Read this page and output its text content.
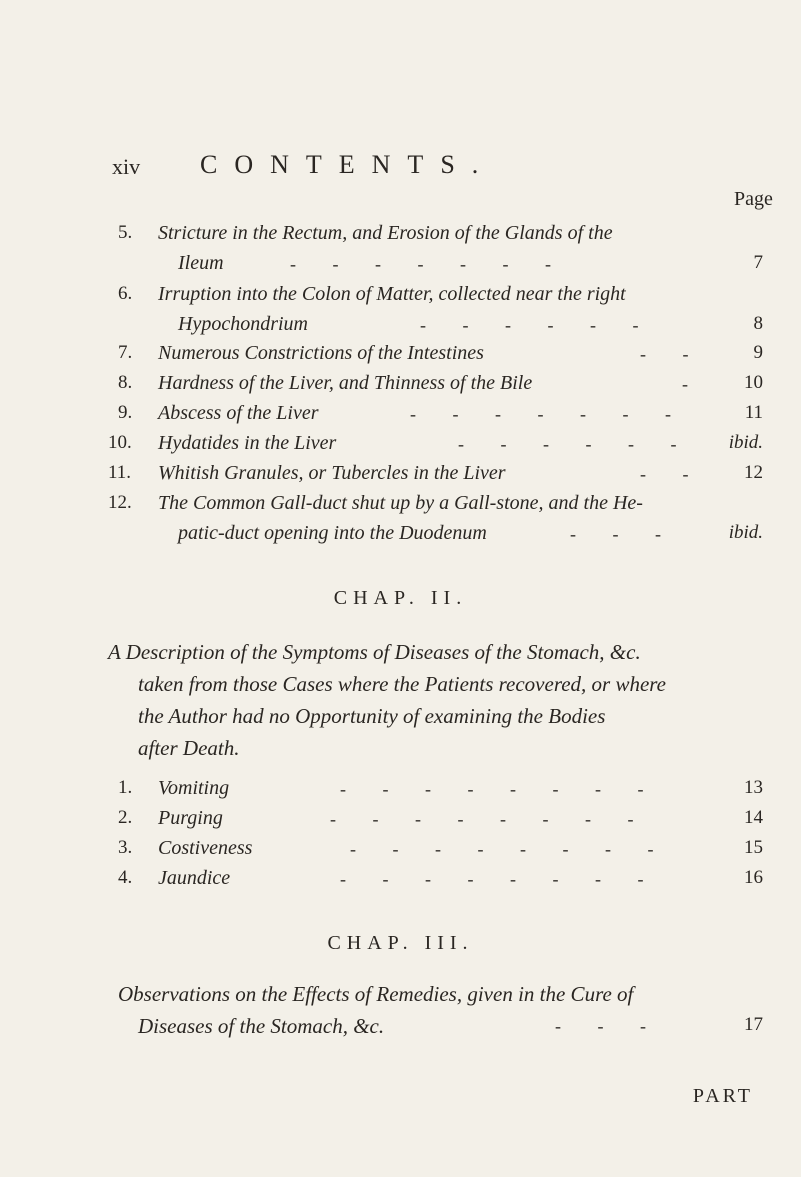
xiv CONTENTS.
Page
5. Stricture in the Rectum, and Erosion of the Glands of the
Ileum	- - - - - - -	7
6. Irruption into the Colon of Matter, collected near the right
Hypochondrium	- - - - - -	8
7. Numerous Constrictions of the Intestines	- -	9
8. Hardness of the Liver, and Thinness of the Bile	- 10
9. Abscess of the Liver	- - - - - - -	11
10. Hydatides in the Liver	- - - - - - ibid.
11. Whitish Granules, or Tubercles in the Liver	- - 12
12. The Common Gall-duct shut up by a Gall-stone, and the He-
patic-duct opening into the Duodenum	- - -	ibid.
CHAP. II.
A Description of the Symptoms of Diseases of the Stomach, &c.
taken from those Cases where the Patients recovered, or where
the Author had no Opportunity of examining the Bodies
after Death.
1. Vomiting	- - - - - - - -	13
2. Purging	- - - - - - - -	14
3. Costiveness	- - - - - - - -	15
4. Jaundice	- - - - - - - -	16
CHAP. III.
Observations on the Effects of Remedies, given in the Cure of
Diseases of the Stomach, &c.	- - -	17
PART
